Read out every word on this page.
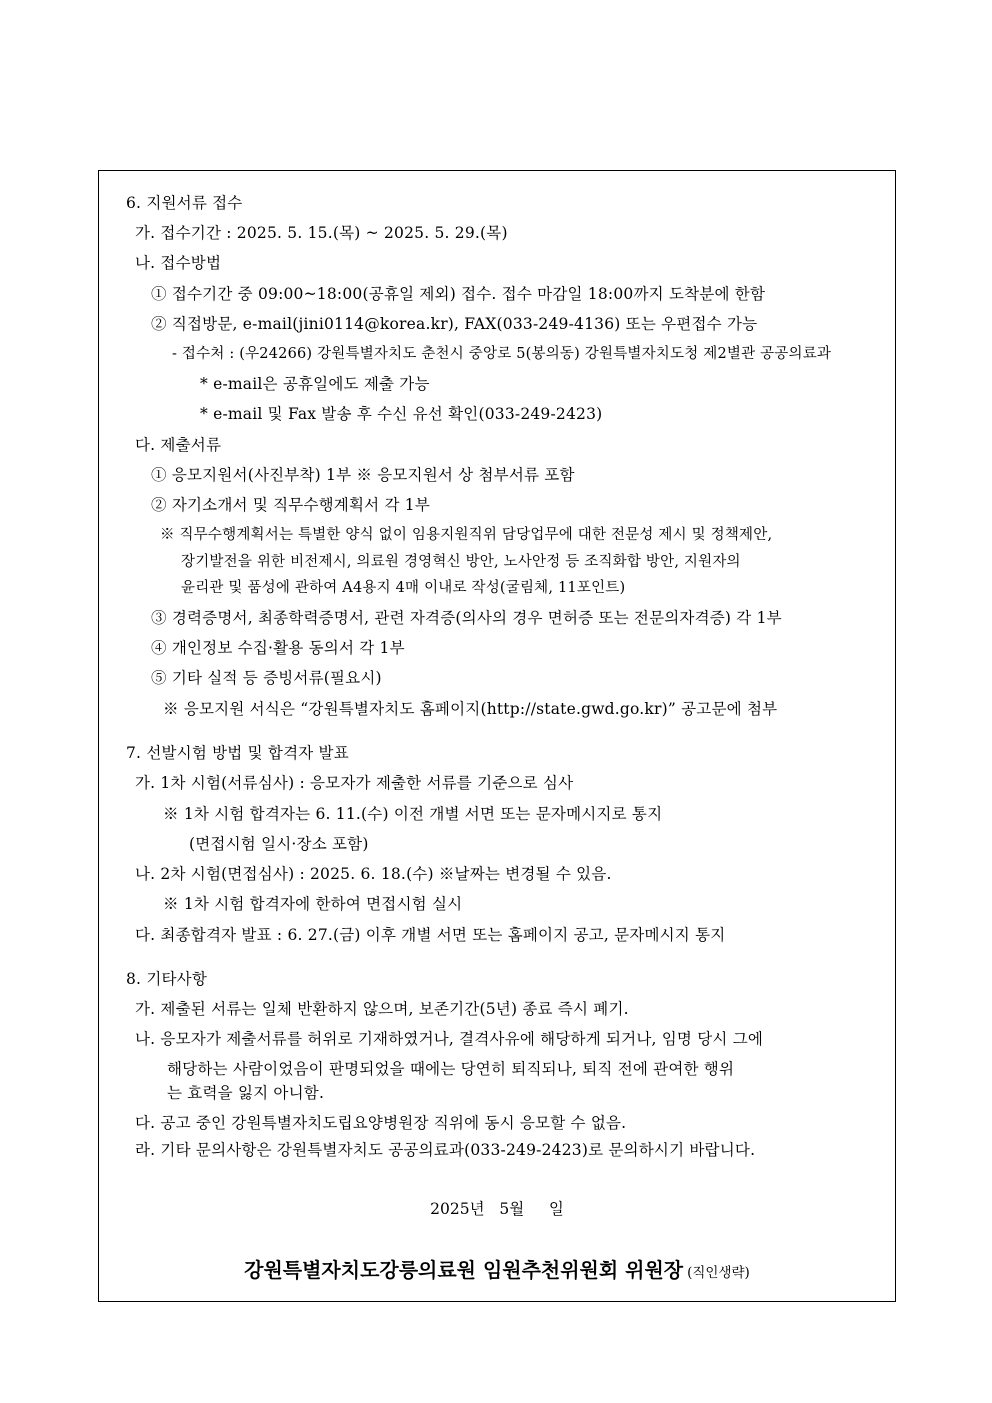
6. 지원서류 접수
가. 접수기간 : 2025. 5. 15.(목) ~ 2025. 5. 29.(목)
나. 접수방법
① 접수기간 중 09:00~18:00(공휴일 제외) 접수. 접수 마감일 18:00까지 도착분에 한함
② 직접방문, e-mail(jini0114@korea.kr), FAX(033-249-4136) 또는 우편접수 가능
- 접수처 : (우24266) 강원특별자치도 춘천시 중앙로 5(봉의동) 강원특별자치도청 제2별관 공공의료과
* e-mail은 공휴일에도 제출 가능
* e-mail 및 Fax 발송 후 수신 유선 확인(033-249-2423)
다. 제출서류
① 응모지원서(사진부착) 1부 ※ 응모지원서 상 첨부서류 포함
② 자기소개서 및 직무수행계획서 각 1부
※ 직무수행계획서는 특별한 양식 없이 임용지원직위 담당업무에 대한 전문성 제시 및 정책제안,
장기발전을 위한 비전제시, 의료원 경영혁신 방안, 노사안정 등 조직화합 방안, 지원자의
윤리관 및 품성에 관하여 A4용지 4매 이내로 작성(굴림체, 11포인트)
③ 경력증명서, 최종학력증명서, 관련 자격증(의사의 경우 면허증 또는 전문의자격증) 각 1부
④ 개인정보 수집·활용 동의서 각 1부
⑤ 기타 실적 등 증빙서류(필요시)
※ 응모지원 서식은 “강원특별자치도 홈페이지(http://state.gwd.go.kr)” 공고문에 첨부
7. 선발시험 방법 및 합격자 발표
가. 1차 시험(서류심사) : 응모자가 제출한 서류를 기준으로 심사
※ 1차 시험 합격자는 6. 11.(수) 이전 개별 서면 또는 문자메시지로 통지
(면접시험 일시·장소 포함)
나. 2차 시험(면접심사) : 2025. 6. 18.(수) ※날짜는 변경될 수 있음.
※ 1차 시험 합격자에 한하여 면접시험 실시
다. 최종합격자 발표 : 6. 27.(금) 이후 개별 서면 또는 홈페이지 공고, 문자메시지 통지
8. 기타사항
가. 제출된 서류는 일체 반환하지 않으며, 보존기간(5년) 종료 즉시 폐기.
나. 응모자가 제출서류를 허위로 기재하였거나, 결격사유에 해당하게 되거나, 임명 당시 그에
해당하는 사람이었음이 판명되었을 때에는 당연히 퇴직되나, 퇴직 전에 관여한 행위
는 효력을 잃지 아니함.
다. 공고 중인 강원특별자치도립요양병원장 직위에 동시 응모할 수 없음.
라. 기타 문의사항은 강원특별자치도 공공의료과(033-249-2423)로 문의하시기 바랍니다.
2025년   5월     일
강원특별자치도강릉의료원 임원추천위원회 위원장 (직인생략)
